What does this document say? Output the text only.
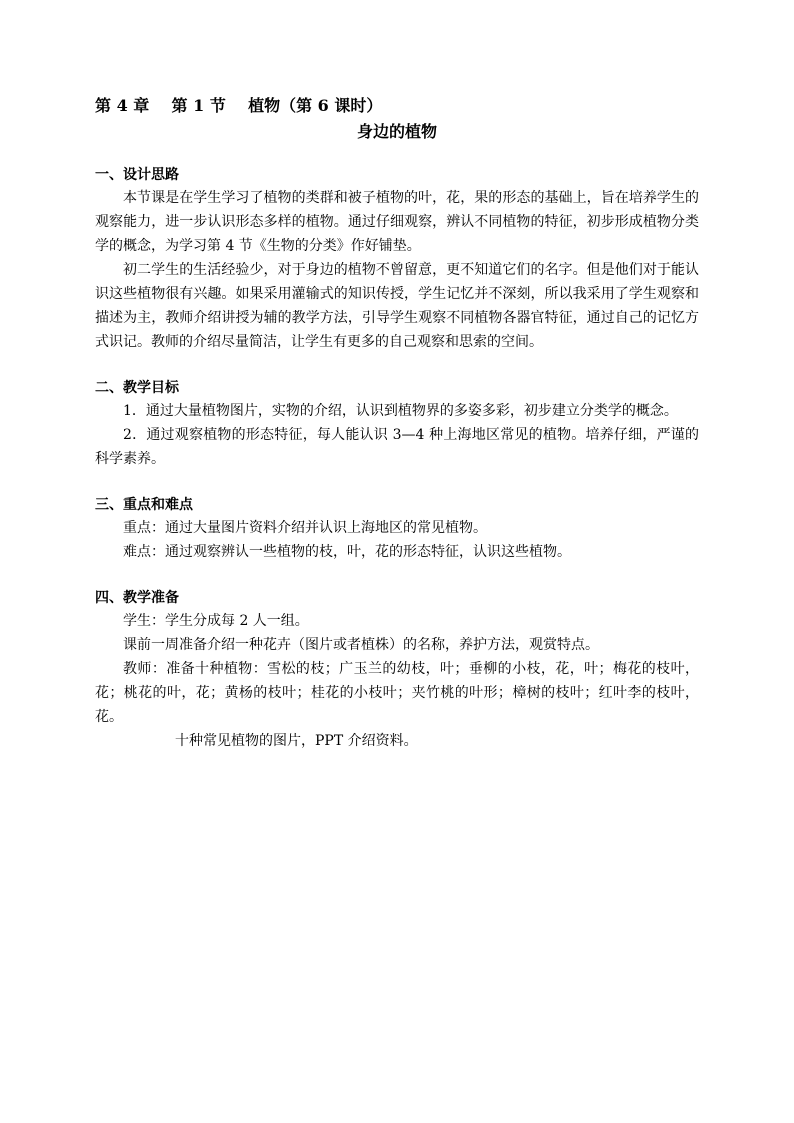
第 4 章    第 1 节    植物（第 6 课时）
身边的植物
一、设计思路
本节课是在学生学习了植物的类群和被子植物的叶，花，果的形态的基础上，旨在培养学生的观察能力，进一步认识形态多样的植物。通过仔细观察，辨认不同植物的特征，初步形成植物分类学的概念，为学习第 4 节《生物的分类》作好铺垫。
初二学生的生活经验少，对于身边的植物不曾留意，更不知道它们的名字。但是他们对于能认识这些植物很有兴趣。如果采用灌输式的知识传授，学生记忆并不深刻，所以我采用了学生观察和描述为主，教师介绍讲授为辅的教学方法，引导学生观察不同植物各器官特征，通过自己的记忆方式识记。教师的介绍尽量简洁，让学生有更多的自己观察和思索的空间。
二、教学目标
1．通过大量植物图片，实物的介绍，认识到植物界的多姿多彩，初步建立分类学的概念。
2．通过观察植物的形态特征，每人能认识 3—4 种上海地区常见的植物。培养仔细，严谨的科学素养。
三、重点和难点
重点：通过大量图片资料介绍并认识上海地区的常见植物。
难点：通过观察辨认一些植物的枝，叶，花的形态特征，认识这些植物。
四、教学准备
学生：学生分成每 2 人一组。
课前一周准备介绍一种花卉（图片或者植株）的名称，养护方法，观赏特点。
教师：准备十种植物：雪松的枝；广玉兰的幼枝，叶；垂柳的小枝，花，叶；梅花的枝叶，花；桃花的叶，花；黄杨的枝叶；桂花的小枝叶；夹竹桃的叶形；樟树的枝叶；红叶李的枝叶，花。
十种常见植物的图片，PPT 介绍资料。
